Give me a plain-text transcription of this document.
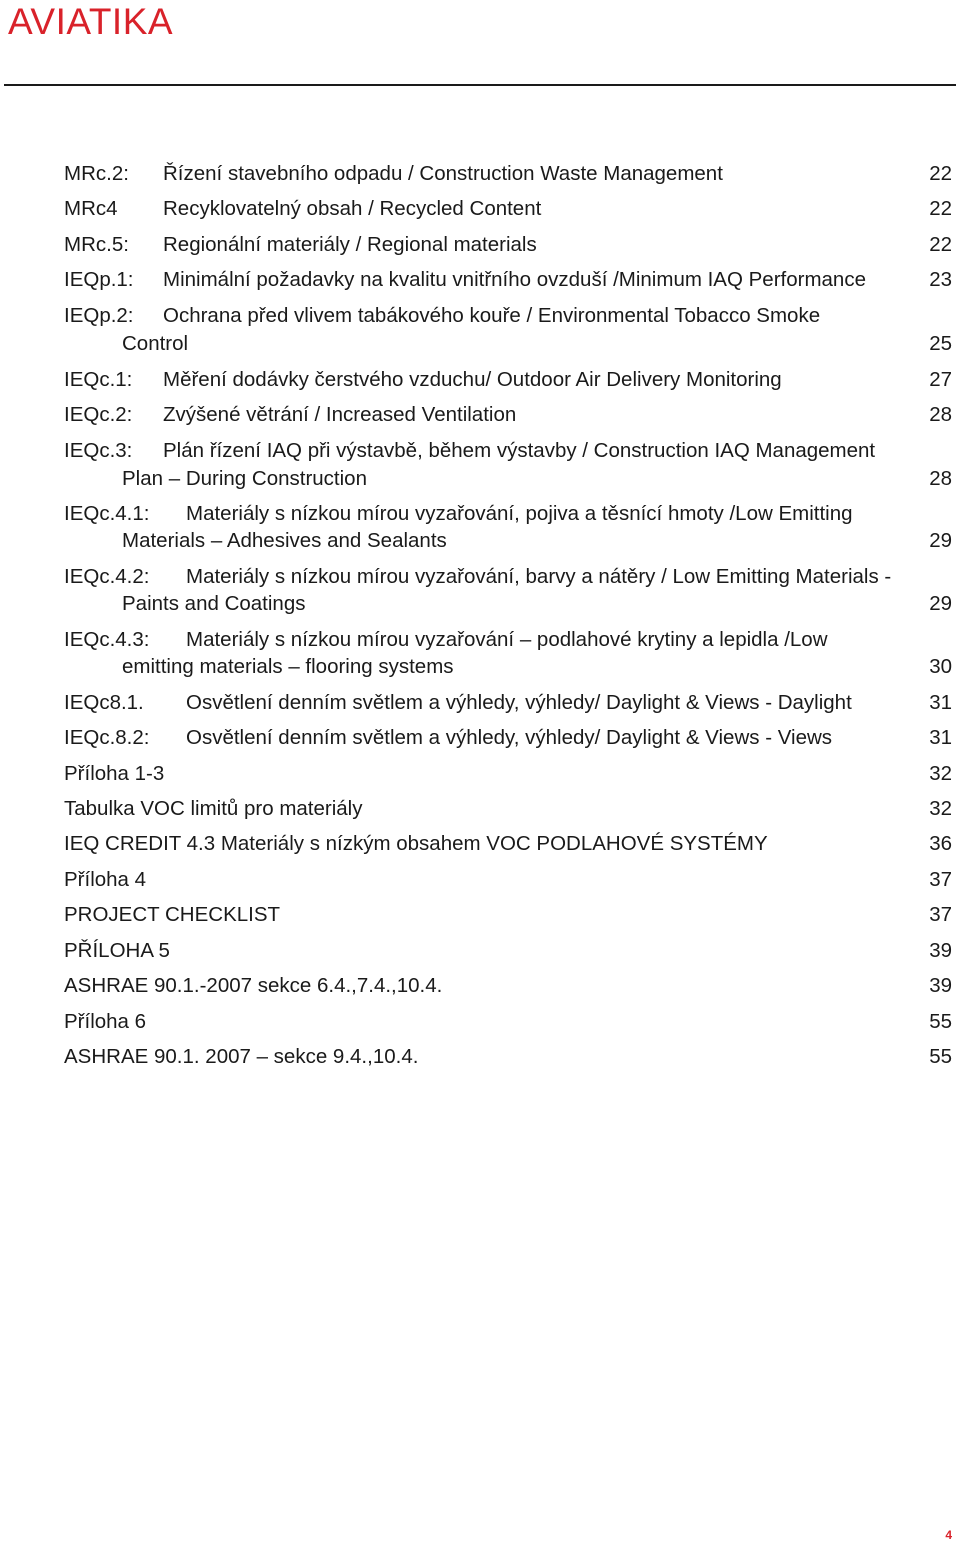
AVIATIKA
MRc.2: Řízení stavebního odpadu / Construction Waste Management	22
MRc4 Recyklovatelný obsah / Recycled Content	22
MRc.5: Regionální materiály / Regional materials	22
IEQp.1: Minimální požadavky na kvalitu vnitřního ovzduší /Minimum IAQ Performance	23
IEQp.2: Ochrana před vlivem tabákového kouře / Environmental Tobacco Smoke
Control	25
IEQc.1: Měření dodávky čerstvého vzduchu/ Outdoor Air Delivery Monitoring	27
IEQc.2: Zvýšené větrání / Increased Ventilation	28
IEQc.3: Plán řízení IAQ při výstavbě, během výstavby / Construction IAQ Management
Plan – During Construction	28
IEQc.4.1: Materiály s nízkou mírou vyzařování, pojiva a těsnící hmoty /Low Emitting
Materials – Adhesives and Sealants	29
IEQc.4.2: Materiály s nízkou mírou vyzařování, barvy a nátěry / Low Emitting Materials -
Paints and Coatings	29
IEQc.4.3: Materiály s nízkou mírou vyzařování – podlahové krytiny a lepidla /Low
emitting materials – flooring systems	30
IEQc8.1. Osvětlení denním světlem a výhledy, výhledy/ Daylight & Views - Daylight	31
IEQc.8.2: Osvětlení denním světlem a výhledy, výhledy/ Daylight & Views - Views	31
Příloha 1-3	32
Tabulka VOC limitů pro materiály	32
IEQ CREDIT 4.3 Materiály s nízkým obsahem VOC PODLAHOVÉ SYSTÉMY	36
Příloha 4	37
PROJECT CHECKLIST	37
PŘÍLOHA 5	39
ASHRAE 90.1.-2007 sekce 6.4.,7.4.,10.4.	39
Příloha 6	55
ASHRAE 90.1. 2007 – sekce 9.4.,10.4.	55
4
